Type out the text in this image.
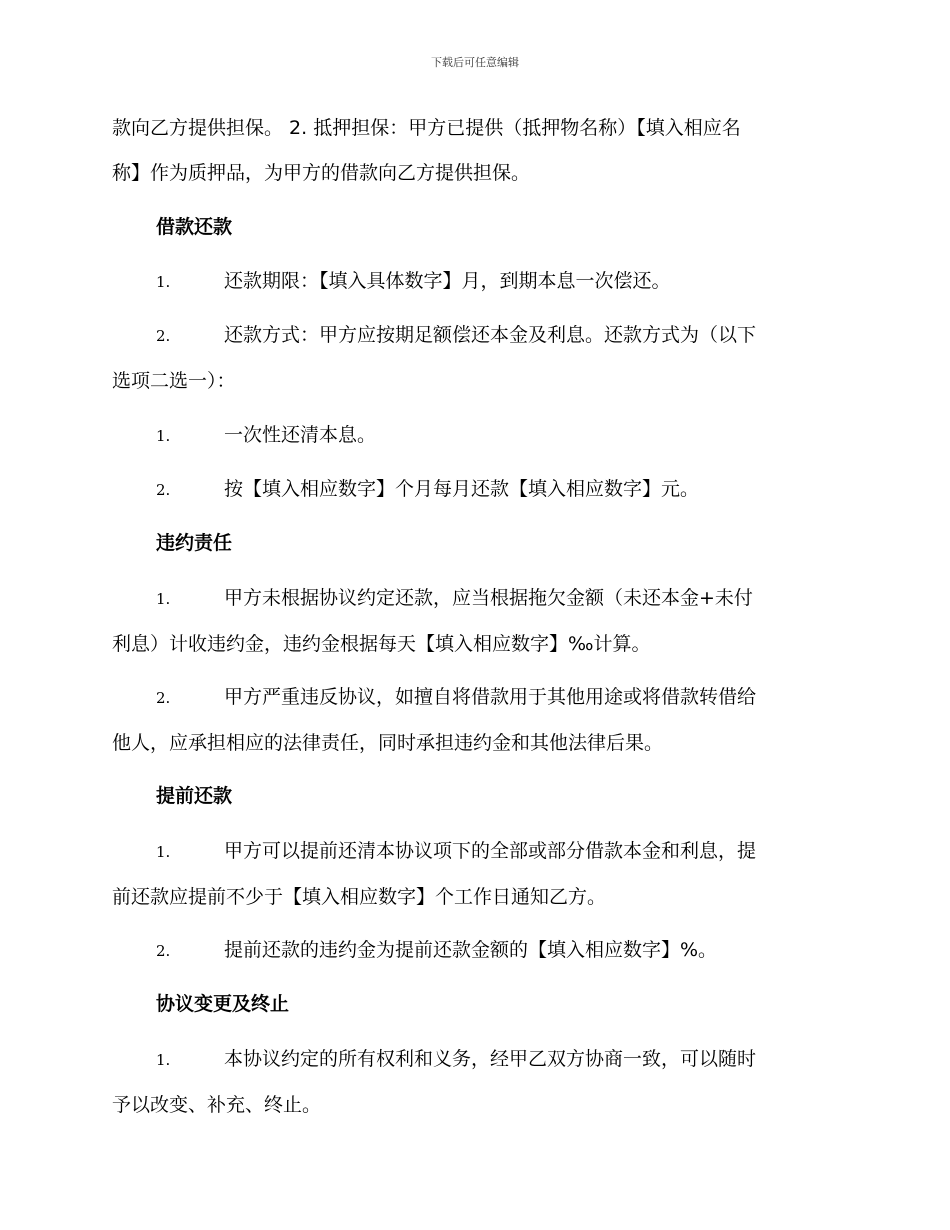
下载后可任意编辑
款向乙方提供担保。 2. 抵押担保：甲方已提供（抵押物名称）【填入相应名
称】作为质押品，为甲方的借款向乙方提供担保。
借款还款
1.	还款期限：【填入具体数字】月，到期本息一次偿还。
2.	还款方式：甲方应按期足额偿还本金及利息。还款方式为（以下
选项二选一）：
1.	一次性还清本息。
2.	按【填入相应数字】个月每月还款【填入相应数字】元。
违约责任
1.	甲方未根据协议约定还款，应当根据拖欠金额（未还本金+未付
利息）计收违约金，违约金根据每天【填入相应数字】‰计算。
2.	甲方严重违反协议，如擅自将借款用于其他用途或将借款转借给
他人，应承担相应的法律责任，同时承担违约金和其他法律后果。
提前还款
1.	甲方可以提前还清本协议项下的全部或部分借款本金和利息，提
前还款应提前不少于【填入相应数字】个工作日通知乙方。
2.	提前还款的违约金为提前还款金额的【填入相应数字】%。
协议变更及终止
1.	本协议约定的所有权利和义务，经甲乙双方协商一致，可以随时
予以改变、补充、终止。
